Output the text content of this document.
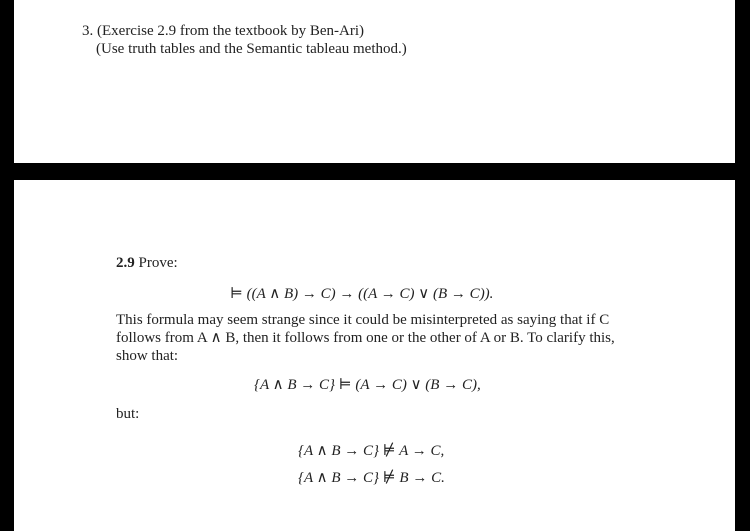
3. (Exercise 2.9 from the textbook by Ben-Ari)
(Use truth tables and the Semantic tableau method.)
2.9 Prove:
⊨ ((A ∧ B) → C) → ((A → C) ∨ (B → C)).
This formula may seem strange since it could be misinterpreted as saying that if C follows from A ∧ B, then it follows from one or the other of A or B. To clarify this, show that:
{A ∧ B → C} ⊨ (A → C) ∨ (B → C),
but:
{A ∧ B → C} ⊭ A → C,
{A ∧ B → C} ⊭ B → C.
